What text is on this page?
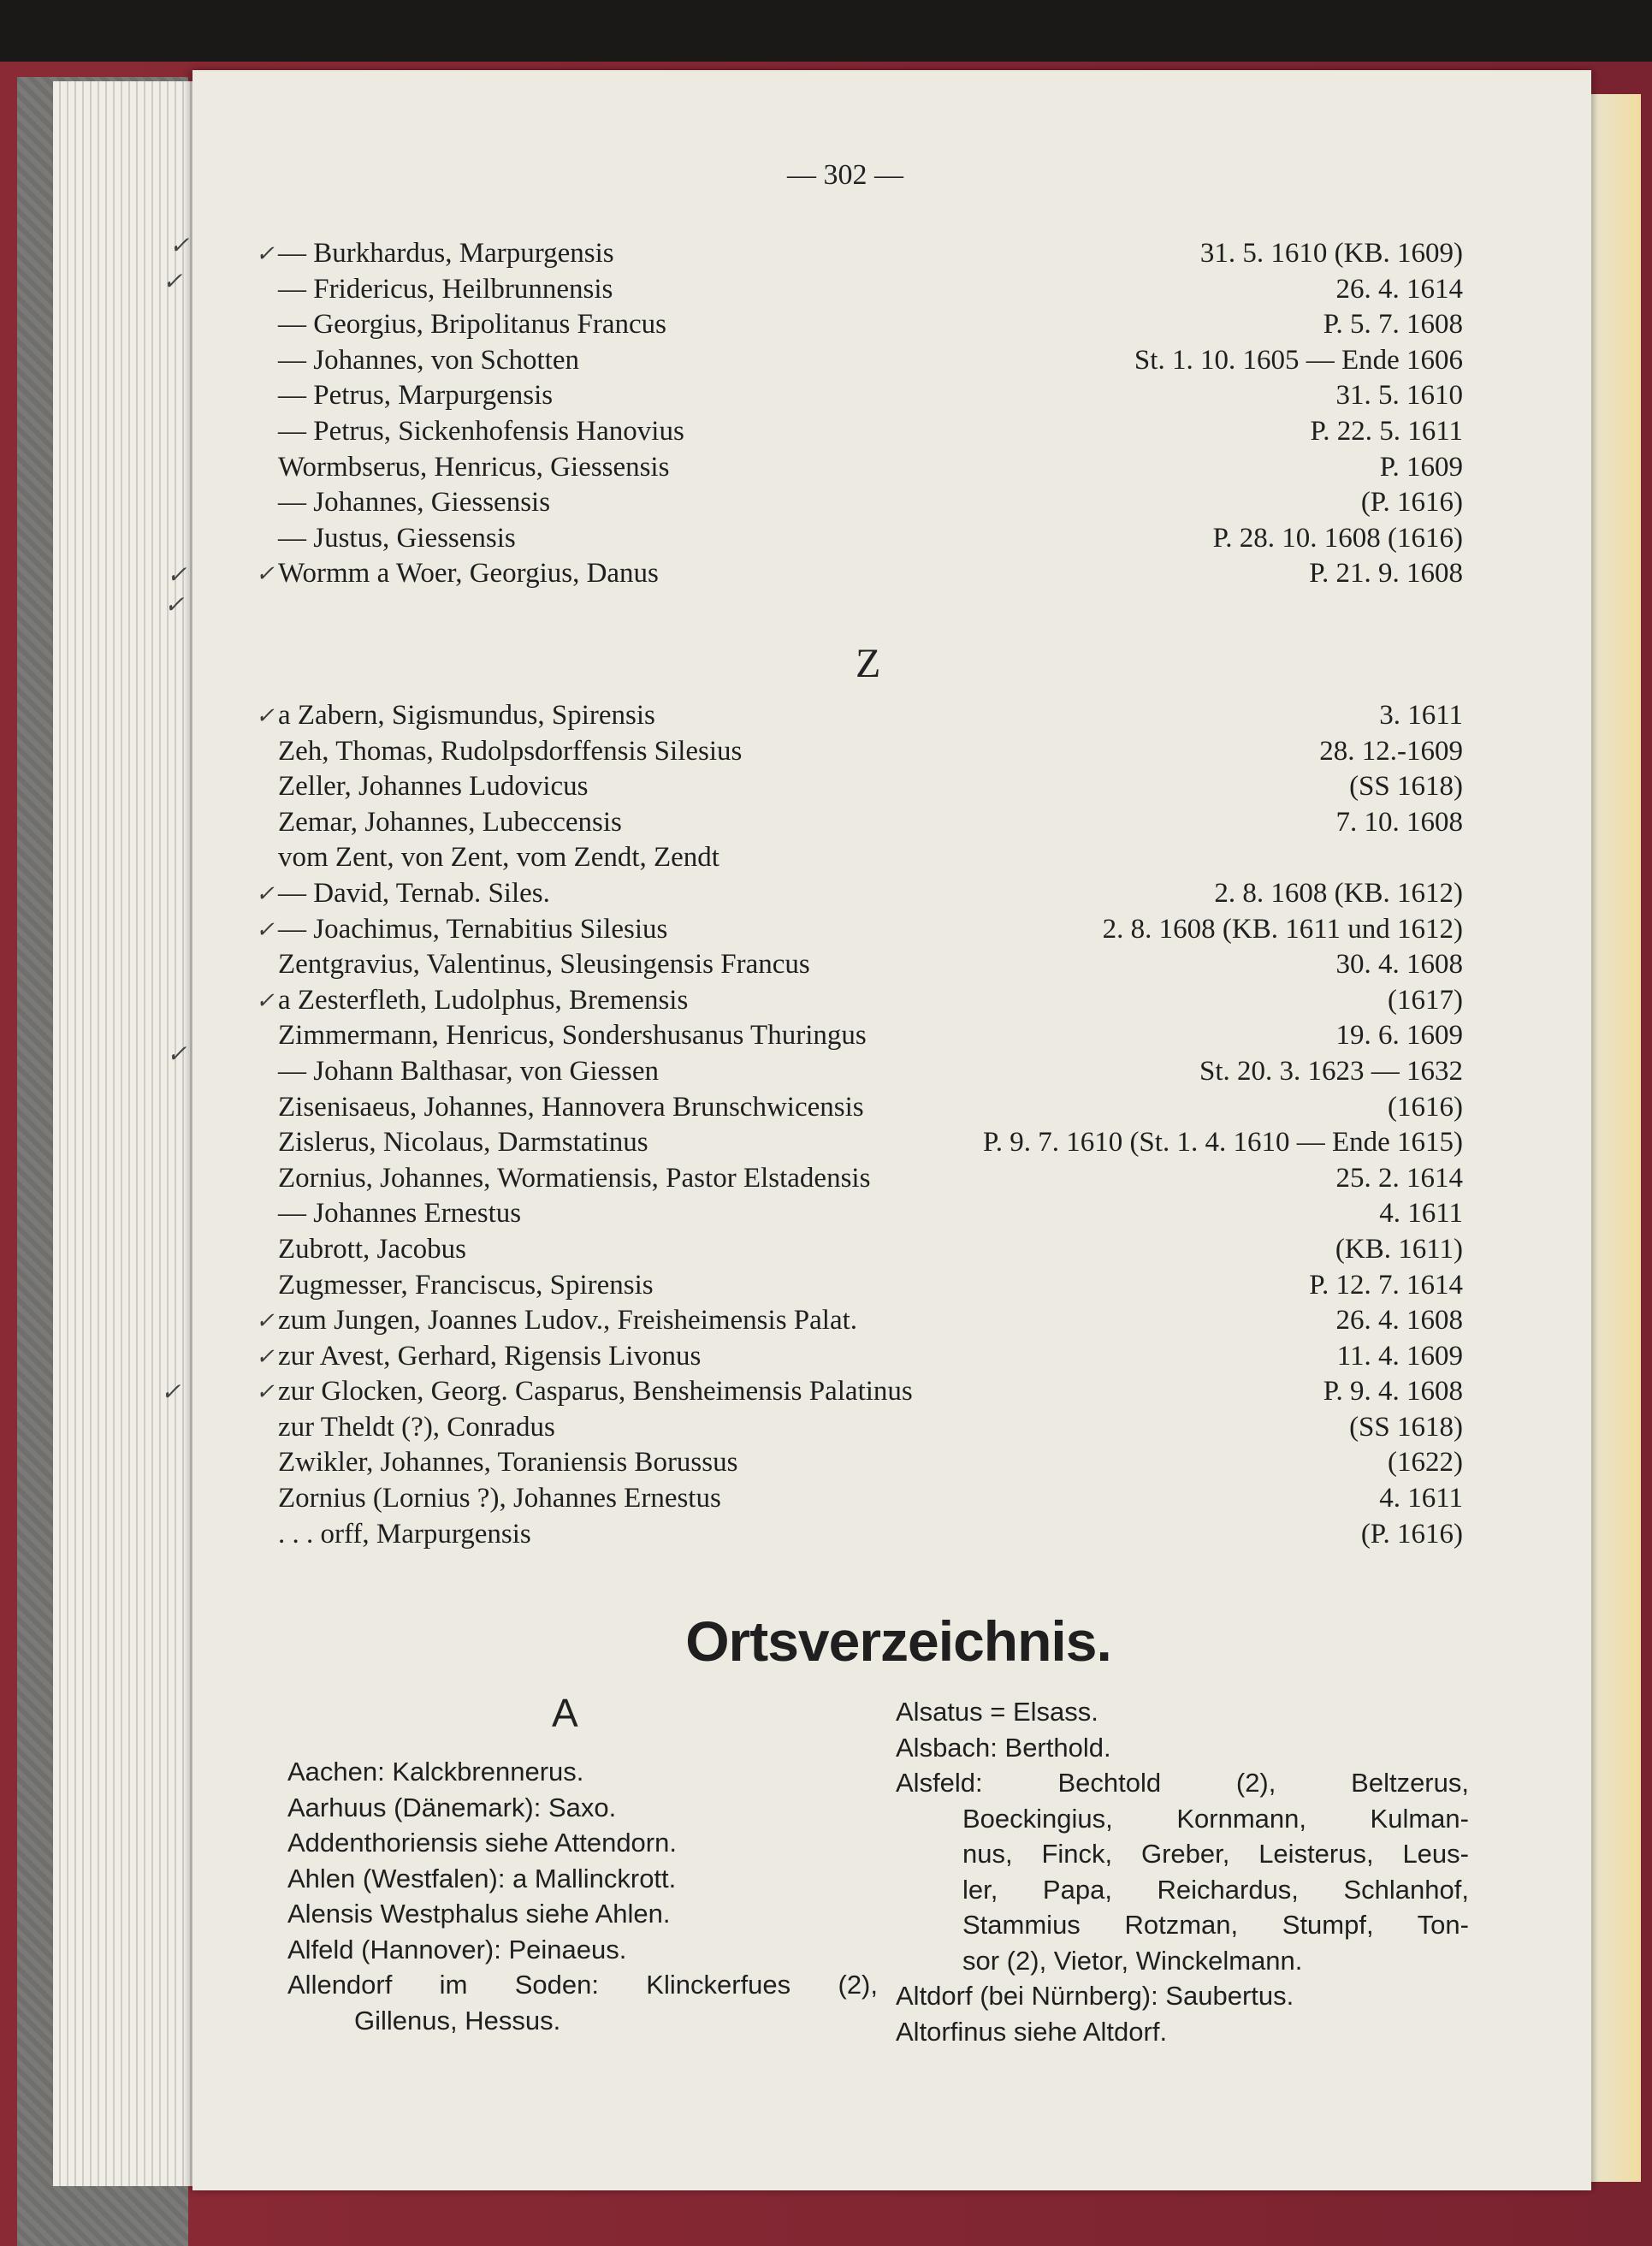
— 302 —
✓
✓
✓
✓
✓
✓
✓ — Burkhardus, Marpurgensis	31. 5. 1610 (KB. 1609)
— Fridericus, Heilbrunnensis	26. 4. 1614
— Georgius, Bripolitanus Francus	P. 5. 7. 1608
— Johannes, von Schotten	St. 1. 10. 1605 — Ende 1606
— Petrus, Marpurgensis	31. 5. 1610
— Petrus, Sickenhofensis Hanovius	P. 22. 5. 1611
Wormbserus, Henricus, Giessensis	P. 1609
— Johannes, Giessensis	(P. 1616)
— Justus, Giessensis	P. 28. 10. 1608 (1616)
✓ Wormm a Woer, Georgius, Danus	P. 21. 9. 1608
Z
✓ a Zabern, Sigismundus, Spirensis	3. 1611
Zeh, Thomas, Rudolpsdorffensis Silesius	28. 12.-1609
Zeller, Johannes Ludovicus	(SS 1618)
Zemar, Johannes, Lubeccensis	7. 10. 1608
vom Zent, von Zent, vom Zendt, Zendt
✓ — David, Ternab. Siles.	2. 8. 1608 (KB. 1612)
✓ — Joachimus, Ternabitius Silesius	2. 8. 1608 (KB. 1611 und 1612)
Zentgravius, Valentinus, Sleusingensis Francus	30. 4. 1608
✓ a Zesterfleth, Ludolphus, Bremensis	(1617)
Zimmermann, Henricus, Sondershusanus Thuringus	19. 6. 1609
— Johann Balthasar, von Giessen	St. 20. 3. 1623 — 1632
Zisenisaeus, Johannes, Hannovera Brunschwicensis	(1616)
Zislerus, Nicolaus, Darmstatinus	P. 9. 7. 1610 (St. 1. 4. 1610 — Ende 1615)
Zornius, Johannes, Wormatiensis, Pastor Elstadensis	25. 2. 1614
— Johannes Ernestus	4. 1611
Zubrott, Jacobus	(KB. 1611)
Zugmesser, Franciscus, Spirensis	P. 12. 7. 1614
✓ zum Jungen, Joannes Ludov., Freisheimensis Palat.	26. 4. 1608
✓ zur Avest, Gerhard, Rigensis Livonus	11. 4. 1609
✓ zur Glocken, Georg. Casparus, Bensheimensis Palatinus	P. 9. 4. 1608
zur Theldt (?), Conradus	(SS 1618)
Zwikler, Johannes, Toraniensis Borussus	(1622)
Zornius (Lornius ?), Johannes Ernestus	4. 1611
. . . orff, Marpurgensis	(P. 1616)
Ortsverzeichnis.
A
Aachen: Kalckbrennerus.
Aarhuus (Dänemark): Saxo.
Addenthoriensis siehe Attendorn.
Ahlen (Westfalen): a Mallinckrott.
Alensis Westphalus siehe Ahlen.
Alfeld (Hannover): Peinaeus.
Allendorf im Soden: Klinckerfues (2),
Gillenus, Hessus.
Alsatus = Elsass.
Alsbach: Berthold.
Alsfeld: Bechtold (2), Beltzerus,
Boeckingius, Kornmann, Kulman-
nus, Finck, Greber, Leisterus, Leus-
ler, Papa, Reichardus, Schlanhof,
Stammius Rotzman, Stumpf, Ton-
sor (2), Vietor, Winckelmann.
Altdorf (bei Nürnberg): Saubertus.
Altorfinus siehe Altdorf.
